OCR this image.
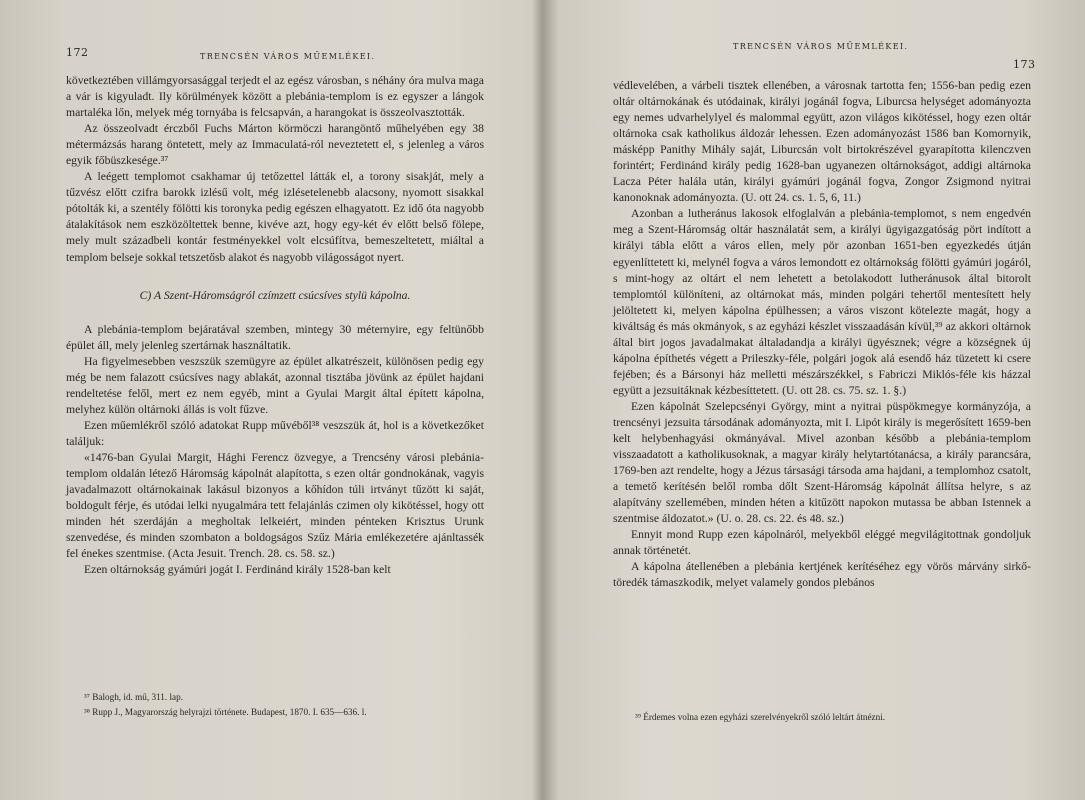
172	TRENCSÉN VÁROS MŰEMLÉKEI.

következtében villámgyorsasággal terjedt el az egész városban, s néhány óra mulva maga a vár is kigyuladt. Ily körülmények között a plebánia-templom is ez egyszer a lángok martaléka lőn, melyek még tornyába is felcsapván, a harangokat is összeolvasztották.

Az összeolvadt érczből Fuchs Márton körmöczi harangöntő műhelyében egy 38 métermázsás harang öntetett, mely az Immaculatá-ról neveztetett el, s jelenleg a város egyik főbüszkesége.³⁷

A leégett templomot csakhamar új tetőzettel látták el, a torony sisakját, mely a tűzvész előtt czifra barokk izlésű volt, még izlésetelenebb alacsony, nyomott sisakkal pótolták ki, a szentély fölötti kis toronyka pedig egészen elhagyatott. Ez idő óta nagyobb átalakítások nem eszközöltettek benne, kivéve azt, hogy egy-két év előtt belső fölepe, mely mult századbeli kontár festményekkel volt elcsúfítva, bemeszeltetett, miáltal a templom belseje sokkal tetszetősb alakot és nagyobb világosságot nyert.

C) A Szent-Háromságról czímzett csúcsíves stylü kápolna.

A plebánia-templom bejáratával szemben, mintegy 30 méternyire, egy feltünőbb épület áll, mely jelenleg szertárnak használtatik.

Ha figyelmesebben veszszük szemügyre az épület alkatrészeit, különösen pedig egy még be nem falazott csúcsíves nagy ablakát, azonnal tisztába jövünk az épület hajdani rendeltetése felől, mert ez nem egyéb, mint a Gyulai Margit által épített kápolna, melyhez külön oltárnoki állás is volt fűzve.

Ezen műemlékről szóló adatokat Rupp művéből³⁸ veszszük át, hol is a következőket találjuk:

«1476-ban Gyulai Margit, Hághi Ferencz özvegye, a Trencsény városi plebánia-templom oldalán létező Háromság kápolnát alapította, s ezen oltár gondnokának, vagyis javadalmazott oltárnokainak lakásul bizonyos a kőhídon túli irtványt tűzött ki saját, boldogult férje, és utódai lelki nyugalmára tett felajánlás czimen oly kikötéssel, hogy ott minden hét szerdáján a megholtak lelkeiért, minden pénteken Krisztus Urunk szenvedése, és minden szombaton a boldogságos Szűz Mária emlékezetére ajánltassék fel énekes szentmise. (Acta Jesuit. Trench. 28. cs. 58. sz.)

Ezen oltárnokság gyámúri jogát I. Ferdinánd király 1528-ban kelt

³⁷ Balogh, id. mű, 311. lap.
³⁸ Rupp J., Magyarország helyrajzi története. Budapest, 1870. I. 635—636. l.
TRENCSÉN VÁROS MŰEMLÉKEI.
173

védlevelében, a várbeli tisztek ellenében, a városnak tartotta fen; 1556-ban pedig ezen oltár oltárnokának és utódainak, királyi jogánál fogva, Liburcsa helységet adományozta egy nemes udvarhelylyel és malommal együtt, azon világos kikötéssel, hogy ezen oltár oltárnoka csak katholikus áldozár lehessen. Ezen adományozást 1586 ban Komornyik, másképp Panithy Mihály saját, Liburcsán volt birtokrészével gyarapította kilenczven forintért; Ferdinánd király pedig 1628-ban ugyanezen oltárnokságot, addigi altárnoka Lacza Péter halála után, királyi gyámúri jogánál fogva, Zongor Zsigmond nyitrai kanonoknak adományozta. (U. ott 24. cs. 1. 5, 6, 11.)

Azonban a lutheránus lakosok elfoglalván a plebánia-templomot, s nem engedvén meg a Szent-Háromság oltár használatát sem, a királyi ügyigazgatóság pört indított a királyi tábla előtt a város ellen, mely pör azonban 1651-ben egyezkedés útján egyenlíttetett ki, melynél fogva a város lemondott ez oltárnokság fölötti gyámúri jogáról, s mint-hogy az oltárt el nem lehetett a betolakodott lutheránusok által bitorolt templomtól különíteni, az oltárnokat más, minden polgári tehertől mentesített hely jelöltetett ki, melyen kápolna épülhessen; a város viszont kötelezte magát, hogy a kiváltság és más okmányok, s az egyházi készlet visszaadásán kívül,³⁹ az akkori oltárnok által birt jogos javadalmakat általadandja a királyi ügyésznek; végre a községnek új kápolna építhetés végett a Prileszky-féle, polgári jogok alá esendő ház tüzetett ki csere fejében; és a Bársonyi ház melletti mészárszékkel, s Fabriczi Miklós-féle kis házzal együtt a jezsuitáknak kézbesíttetett. (U. ott 28. cs. 75. sz. 1. §.)

Ezen kápolnát Szelepcsényi György, mint a nyitrai püspökmegye kormányzója, a trencsényi jezsuita társodának adományozta, mit I. Lipót király is megerősített 1659-ben kelt helybenhagyási okmányával. Mivel azonban később a plebánia-templom visszaadatott a katholikusoknak, a magyar király helytartótanácsa, a király parancsára, 1769-ben azt rendelte, hogy a Jézus társasági társoda ama hajdani, a templomhoz csatolt, a temető kerítésén belől romba dőlt Szent-Háromság kápolnát állítsa helyre, s az alapítvány szellemében, minden héten a kitűzött napokon mutassa be abban Istennek a szentmise áldozatot.» (U. o. 28. cs. 22. és 48. sz.)

Ennyit mond Rupp ezen kápolnáról, melyekből eléggé megvilágitottnak gondoljuk annak történetét.

A kápolna átellenében a plebánia kertjének kerítéséhez egy vörös márvány sirkő-töredék támaszkodik, melyet valamely gondos plebános

³⁹ Érdemes volna ezen egyházi szerelvényekről szóló leltárt átnézni.
